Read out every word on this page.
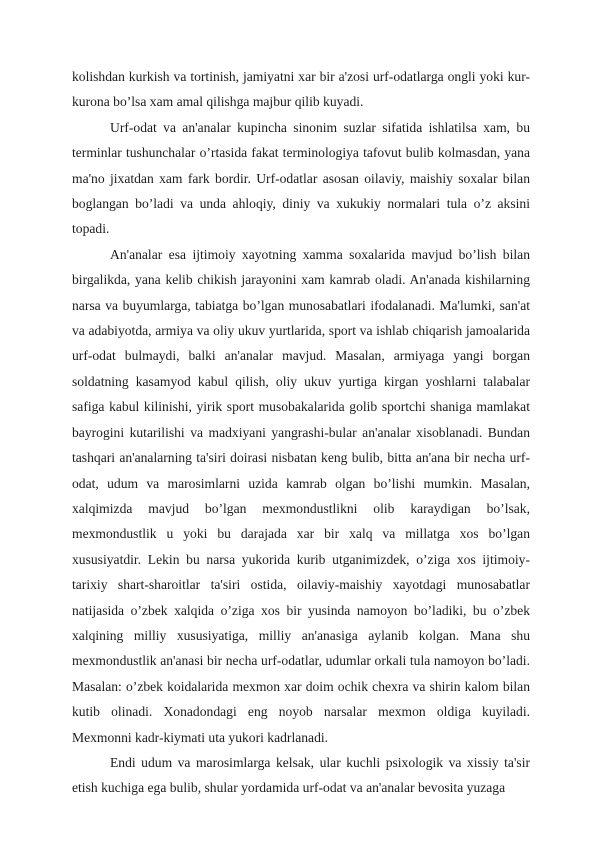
kolishdan kurkish va tortinish, jamiyatni xar bir a'zosi urf-odatlarga ongli yoki kur-kurona bo’lsa xam amal qilishga majbur qilib kuyadi.

Urf-odat va an'analar kupincha sinonim suzlar sifatida ishlatilsa xam, bu terminlar tushunchalar o’rtasida fakat terminologiya tafovut bulib kolmasdan, yana ma'no jixatdan xam fark bordir. Urf-odatlar asosan oilaviy, maishiy soxalar bilan boglangan bo’ladi va unda ahloqiy, diniy va xukukiy normalari tula o’z aksini topadi.

An'analar esa ijtimoiy xayotning xamma soxalarida mavjud bo’lish bilan birgalikda, yana kelib chikish jarayonini xam kamrab oladi. An'anada kishilarning narsa va buyumlarga, tabiatga bo’lgan munosabatlari ifodalanadi. Ma'lumki, san'at va adabiyotda, armiya va oliy ukuv yurtlarida, sport va ishlab chiqarish jamoalarida urf-odat bulmaydi, balki an'analar mavjud. Masalan, armiyaga yangi borgan soldatning kasamyod kabul qilish, oliy ukuv yurtiga kirgan yoshlarni talabalar safiga kabul kilinishi, yirik sport musobakalarida golib sportchi shaniga mamlakat bayrogini kutarilishi va madxiyani yangrashi-bular an'analar xisoblanadi. Bundan tashqari an'analarning ta'siri doirasi nisbatan keng bulib, bitta an'ana bir necha urf-odat, udum va marosimlarni uzida kamrab olgan bo’lishi mumkin. Masalan, xalqimizda mavjud bo’lgan mexmondustlikni olib karaydigan bo’lsak, mexmondustlik u yoki bu darajada xar bir xalq va millatga xos bo’lgan xususiyatdir. Lekin bu narsa yukorida kurib utganimizdek, o’ziga xos ijtimoiy-tarixiy shart-sharoitlar ta'siri ostida, oilaviy-maishiy xayotdagi munosabatlar natijasida o’zbek xalqida o’ziga xos bir yusinda namoyon bo’ladiki, bu o’zbek xalqining milliy xususiyatiga, milliy an'anasiga aylanib kolgan. Mana shu mexmondustlik an'anasi bir necha urf-odatlar, udumlar orkali tula namoyon bo’ladi. Masalan: o’zbek koidalarida mexmon xar doim ochik chexra va shirin kalom bilan kutib olinadi. Xonadondagi eng noyob narsalar mexmon oldiga kuyiladi. Mexmonni kadr-kiymati uta yukori kadrlanadi.

Endi udum va marosimlarga kelsak, ular kuchli psixologik va xissiy ta'sir etish kuchiga ega bulib, shular yordamida urf-odat va an'analar bevosita yuzaga
